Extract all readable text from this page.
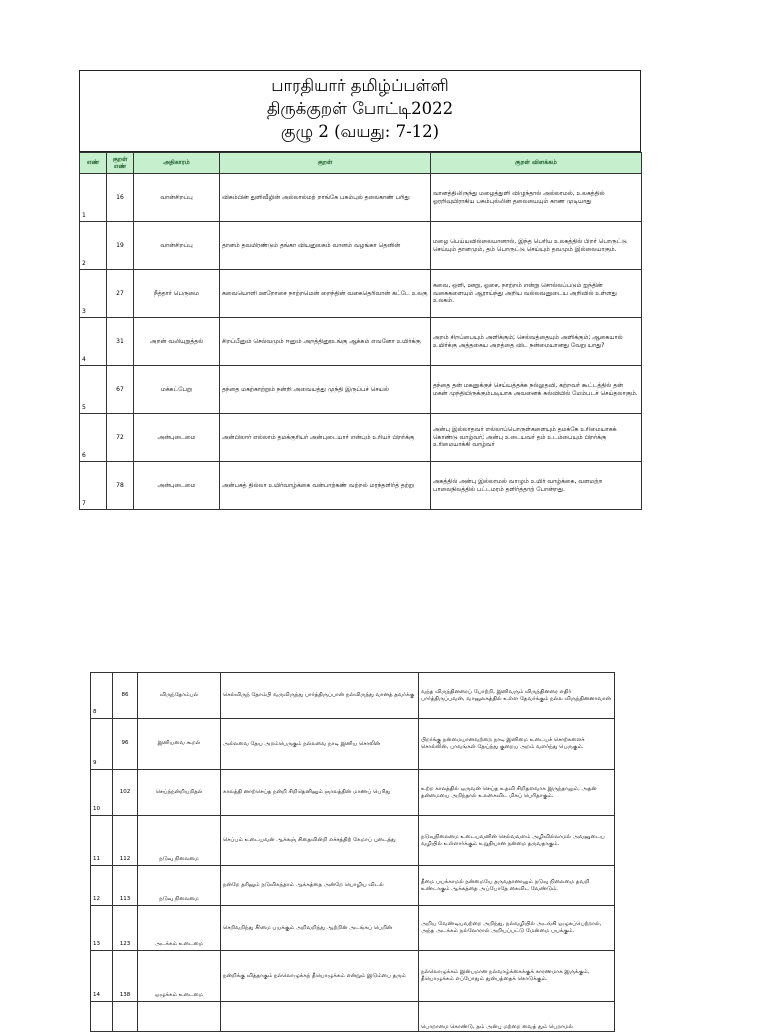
பாரதியார் தமிழ்ப்பள்ளி
திருக்குறள் போட்டி2022
குழு 2 (வயது: 7-12)
எண்	குறள் எண்	அதிகாரம்	குறள்	குறள் விளக்கம்
1	16	வான்சிறப்பு	விசும்பின் துளிவீழின் அல்லால்மற் றாங்கே பசும்புல் தலைகாண் பரிது	வானத்திலிருந்து மழைத்துளி விழுந்தால் அல்லாமல், உலகத்தில் ஓரறிவுயிராகிய பசும்புல்லின் தலையையும் காண முடியாது
2	19	வான்சிறப்பு	தானம் தவமிரண்டும் தங்கா வியனுலகம் வானம் வழங்கா தெனின்	மழை பெய்யவில்லையானால், இந்த பெரிய உலகத்தில் பிறர் பொருட்டு செய்யும் தானமும், தம் பொருட்டு செய்யும் தவமும் இல்லையாகும்.
3	27	நீத்தார் பெருமை	சுவையொளி ஊறோசை நாற்றமென் றைந்தின் வகைதெரிவான் கட்டே உலகு	சுவை, ஒளி, ஊறு, ஓசை, நாற்றம் என்று சொல்லப்படும் ஐந்தின் வகைகளையும் ஆராய்ந்து அறிய வல்லவனுடைய அறிவில் உள்ளது உலகம்.
4	31	அறன் வலியுறுத்தல்	சிறப்பீனும் செல்வமும் ஈனும் அறத்தினூஉங்கு ஆக்கம் எவனோ உயிர்க்கு	அறம் சிறப்பையும் அளிக்கும்; செல்வத்தையும் அளிக்கும்; ஆகையால் உயிர்க்கு அத்தகைய அறத்தை விட நன்மையானது வேறு யாது?
5	67	மக்கட்பேறு	தந்தை மகற்காற்றும் நன்றி அவையத்து முந்தி இருப்பச் செயல்	தந்தை தன் மகனுக்குச் செய்யத்தக்க நல்லுதவி, கற்றவர் கூட்டத்தில் தன் மகன் முந்தியிருக்கும்படியாக அவனைக் கல்வியில் மேம்படச் செய்தலாகும்.
6	72	அன்புடைமை	அன்பிலார் எல்லாம் தமக்குரியர் அன்புடையார் என்பும் உரியர் பிறர்க்கு	அன்பு இல்லாதவர் எல்லாப்பொருள்களையும் தமக்கே உரிமையாகக் கொண்டு வாழ்வர்; அன்பு உடையவர் தம் உடம்பையும் பிறர்க்கு உரிமையாக்கி வாழ்வர்
7	78	அன்புடைமை	அன்பகத் தில்லா உயிர்வாழ்க்கை வன்பாற்கண் வற்றல் மரந்தளிர்த் தற்று	அகத்தில் அன்பு இல்லாமல் வாழும் உயிர் வாழ்க்கை, வளமற்ற பாலைநிலத்தில் பட்டமரம் தளிர்த்தாற் போன்றது.
8	86	விருந்தோம்பல்	செல்விருந் தோம்பி வருவிருந்து பார்த்திருப்பான் நல்விருந்து வானத் தவர்க்கு	வந்த விருந்தினரைப் போற்றி, இனிவரும் விருந்தினரை எதிர் பார்த்திருப்பவன், வானுலகத்தில் உள்ள தேவர்க்கும் நல்ல விருந்தினனாவான்
9	96	இனியவை கூறல்	அல்லவை தேய அறம்பெருகும் நல்லவை நாடி இனிய சொலின்	பிறர்க்கு நன்மையானவற்றை நாடி இனிமை உடையச் சொற்களைச் சொல்லின், பாவங்கள் தேய்ந்து குறைய அறம் வளர்ந்து பெருகும்.
10	102	செய்ந்நன்றியறிதல்	காலத்தி னாற்செய்த நன்றி சிறிதெனினும் ஞாலத்தின் மாணப் பெரிது	உற்ற காலத்தில் ஒருவன் செய்த உதவி சிறிதளவாக இருந்தாலும், அதன் தன்மையை அறிந்தால் உலகைவிட மிகப் பெரிதாகும்.
11	112	நடுவு நிலைமை	செப்பம் உடையவன் ஆக்கஞ் சிதைவின்றி எச்சத்திற் கேமாப் புடைத்து	நடுவுநிலைமை உடையவனின் செல்வவளம் அழிவில்லாமல் அவனுடைய வழியில் உள்ளார்க்கும் உறுதியான நன்மை தருவதாகும்.
12	113	நடுவு நிலைமை	நன்றே தரினும் நடுவிகந்தாம் ஆக்கத்தை அன்றே யொழிய விடல்	தீமை பயக்காமல் நன்மையே தருவதானாலும் நடுவு நிலைமை தவறி உண்டாகும் ஆக்கத்தை அப்போதே கைவிட வேண்டும்.
13	123	அடக்கம் உடைமை	செறிவறிந்து சீர்மை பயக்கும் அறிவறிந்து ஆற்றின் அடங்கப் பெறின்	அறிய வேண்டியவற்றை அறிந்து, நல்வழியில் அடங்கி ஒழுகப்பெற்றால், அந்த அடக்கம் நல்லோரால் அறியப்பட்டு மேன்மை பயக்கும்.
14	138	ஒழுக்கம் உடைமை	நன்றிக்கு வித்தாகும் நல்லொழுக்கந் தீயொழுக்கம் என்றும் இடும்பை தரும்	நல்லொழுக்கம் இன்பமான நல்வாழ்க்கைக்குக் காரணமாக இருக்கும், தீயொழுக்கம் எப்போதும் துன்பத்தைக் கொடுக்கும்.
				பொறாமை கொண்டு, தம் அன்பு மற்றை வைத் தும் பெறாமல்
